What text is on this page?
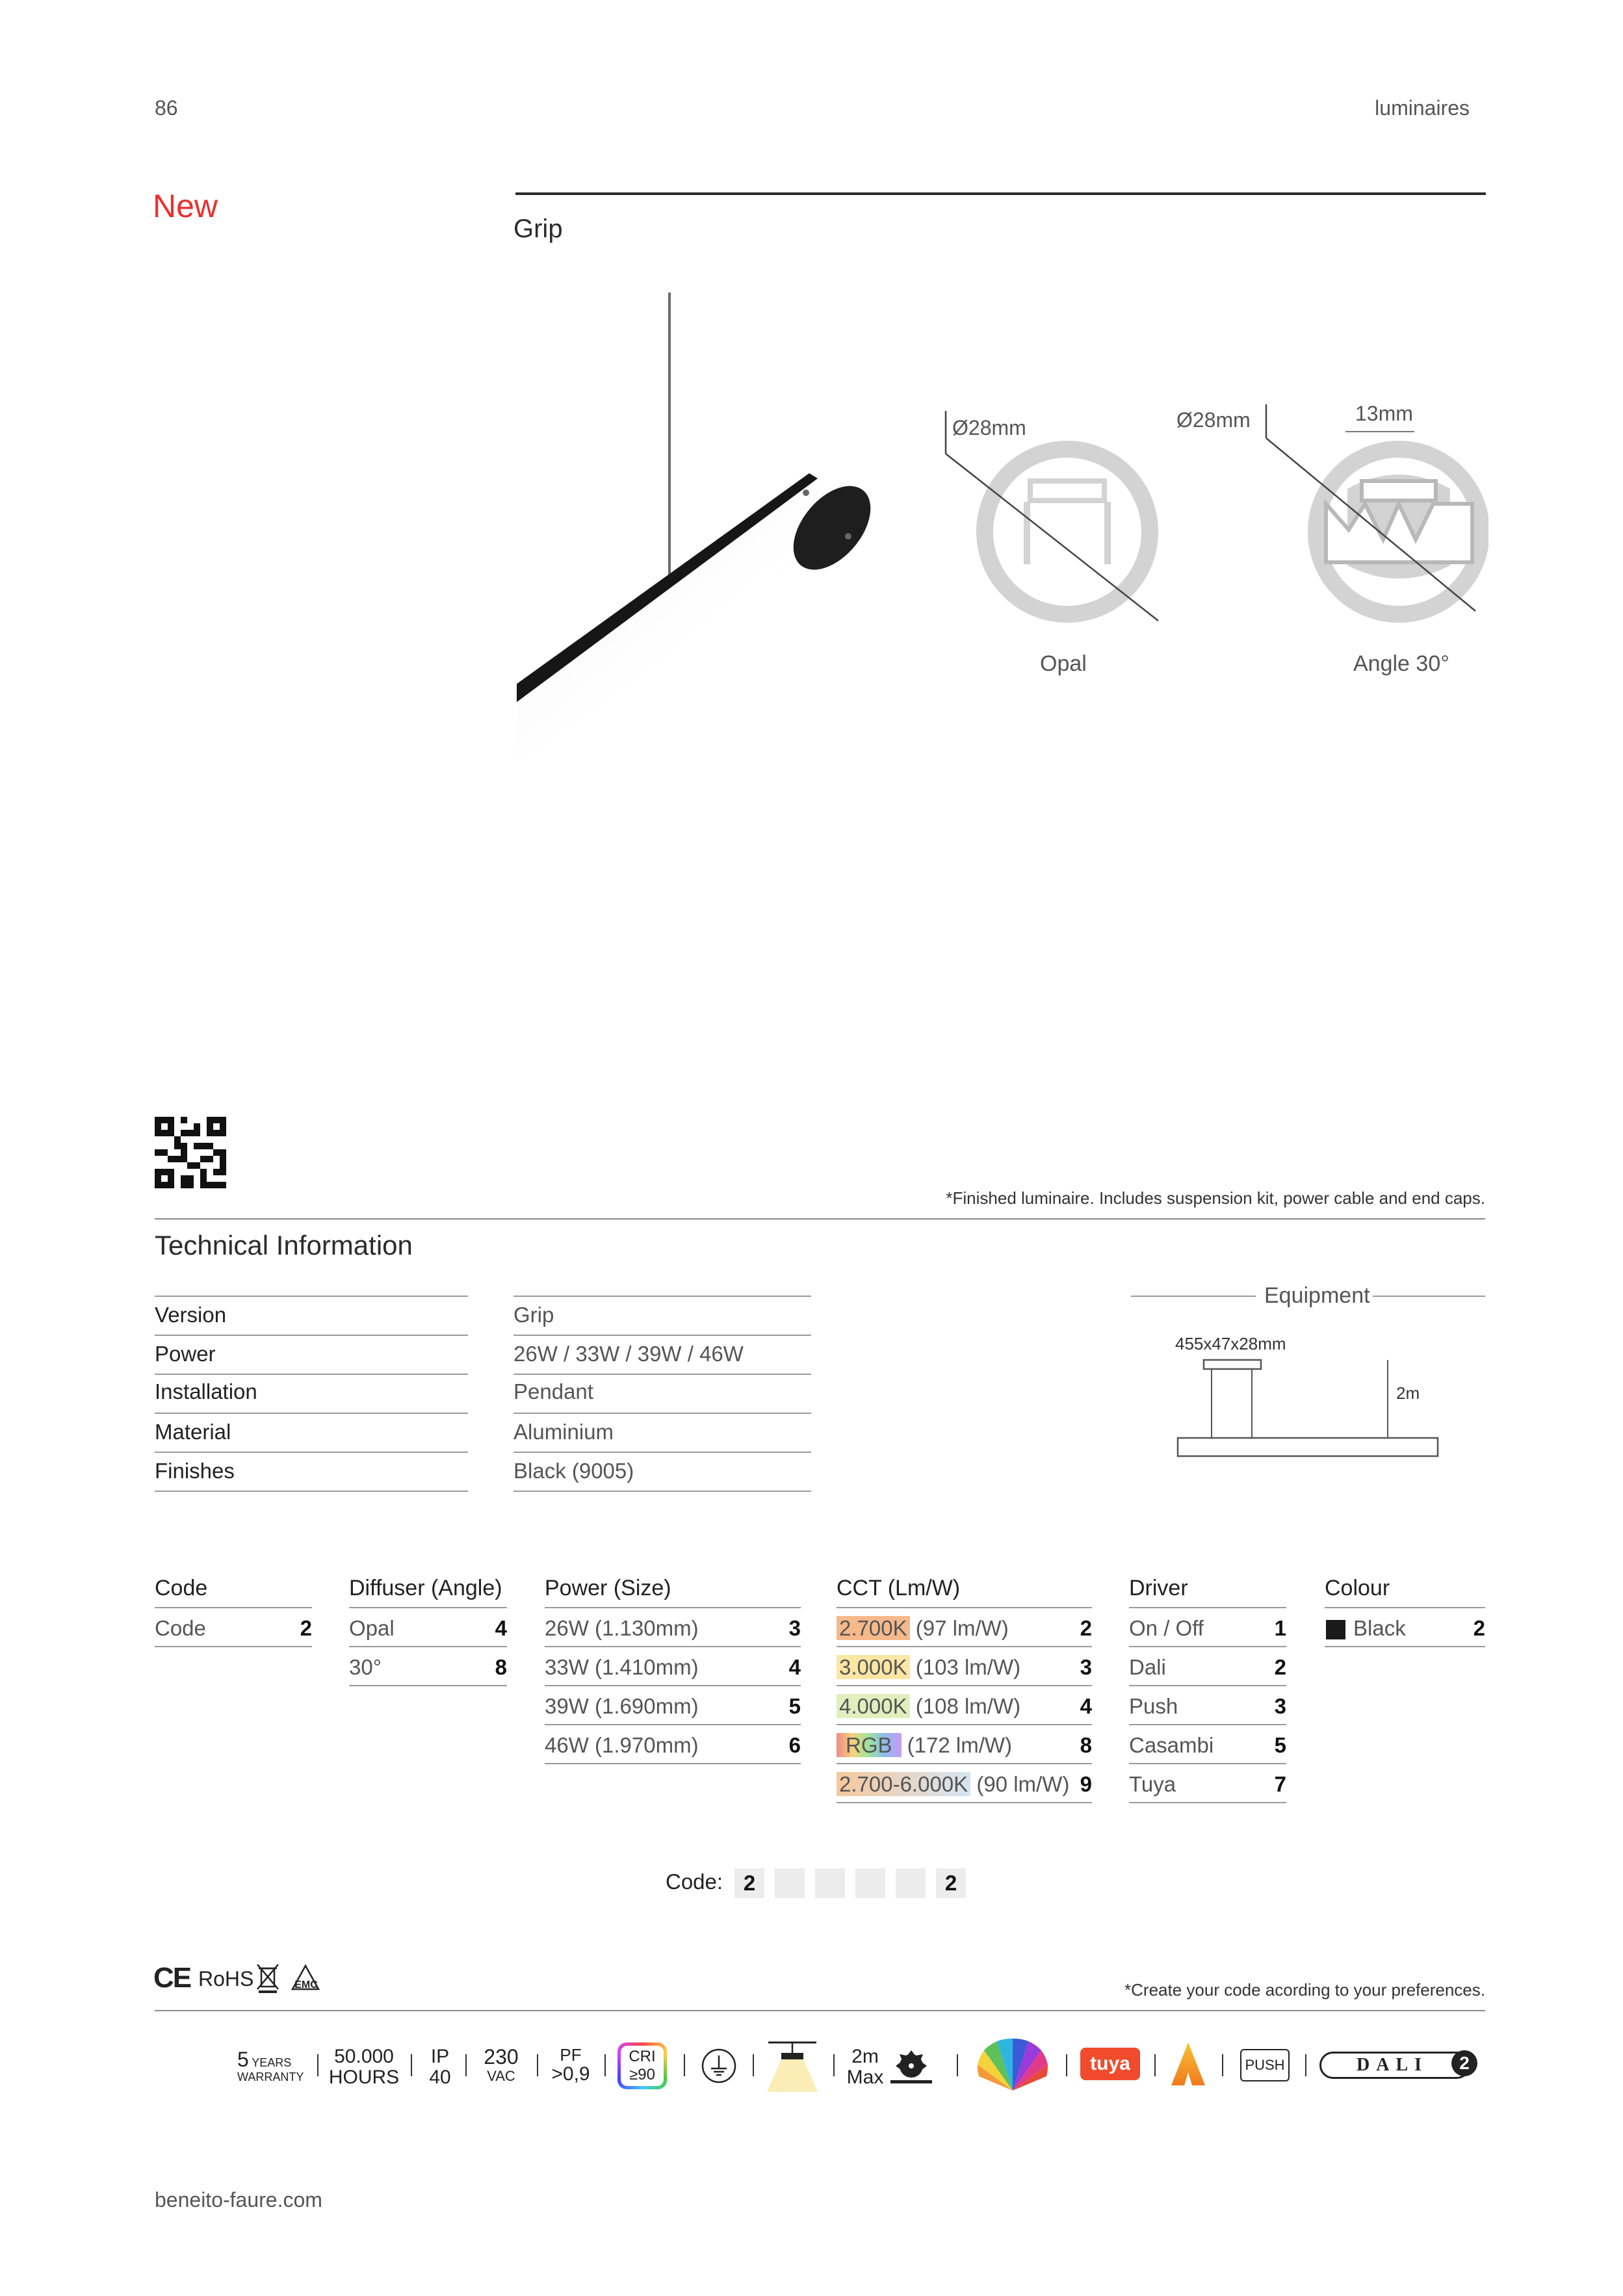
86	luminaires
New
Grip
Ø28mm
Opal
Ø28mm	13mm
Angle 30°
*Finished luminaire. Includes suspension kit, power cable and end caps.
Technical Information
Version	Grip
Power	26W / 33W / 39W / 46W
Installation	Pendant
Material	Aluminium
Finishes	Black (9005)
Equipment
455x47x28mm
2m
Code
Code	2
Diffuser (Angle)
Opal	4
30°	8
Power (Size)
26W (1.130mm)	3
33W (1.410mm)	4
39W (1.690mm)	5
46W (1.970mm)	6
CCT (Lm/W)
2.700K (97 lm/W)	2
3.000K (103 lm/W)	3
4.000K (108 lm/W)	4
RGB (172 lm/W)	8
2.700-6.000K (90 lm/W) 9
Driver
On / Off	1
Dali	2
Push	3
Casambi	5
Tuya	7
Colour
Black	2
Code: 2	2
CE RoHS	EMC	*Create your code acording to your preferences.
5 YEARS
WARRANTY
50.000
HOURS
IP
40
230
VAC
PF
>0,9
CRI
≥90
2m
Max
tuya	PUSH	DALI	2
beneito-faure.com
